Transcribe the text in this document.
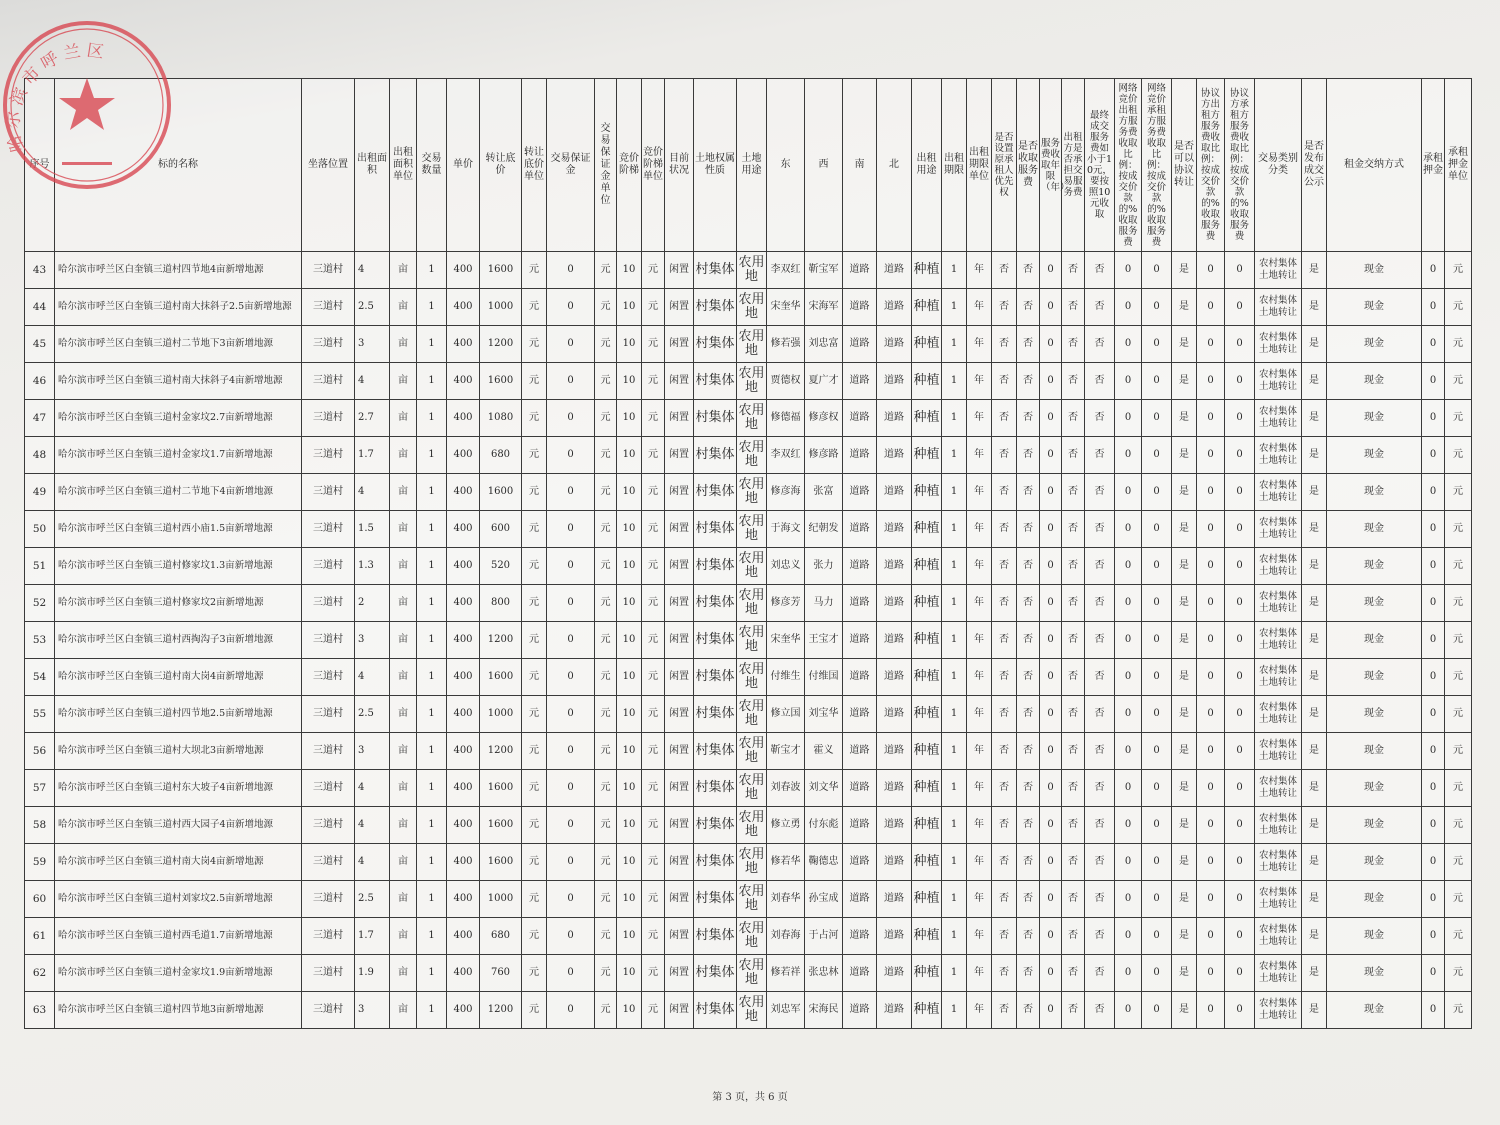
哈尔滨市呼兰区
序号	标的名称	坐落位置	出租面积	出租面积单位	交易数量	单价	转让底价	转让底价单位	交易保证金	交易保证金单位	竞价阶梯	竞价阶梯单位	目前状况	土地权属性质	土地用途	东	西	南	北	出租用途	出租期限	出租期限单位	是否设置原承租人优先权	是否收取服务费	服务费收取年限（年）	出租方是否承担交易服务费	最终成交服务费如小于10元，要按照10元收取	网络竞价出租方服务费收取比例：按成交价款的%收取服务费	网络竞价承租方服务费收取比例：按成交价款的%收取服务费	是否可以协议转让	协议方出租方服务费收取比例：按成交价款的%收取服务费	协议方承租方服务费收取比例：按成交价款的%收取服务费	交易类别分类	是否发布成交公示	租金交纳方式	承租押金	承租押金单位
43	哈尔滨市呼兰区白奎镇三道村四节地4亩新增地源	三道村	4	亩	1	400	1600	元	0	元	10	元	闲置	村集体	农用地	李双红	靳宝军	道路	道路	种植	1	年	否	否	0	否	否	0	0	是	0	0	农村集体土地转让	是	现金	0	元
44	哈尔滨市呼兰区白奎镇三道村南大抹斜子2.5亩新增地源	三道村	2.5	亩	1	400	1000	元	0	元	10	元	闲置	村集体	农用地	宋奎华	宋海军	道路	道路	种植	1	年	否	否	0	否	否	0	0	是	0	0	农村集体土地转让	是	现金	0	元
45	哈尔滨市呼兰区白奎镇三道村二节地下3亩新增地源	三道村	3	亩	1	400	1200	元	0	元	10	元	闲置	村集体	农用地	修若强	刘忠富	道路	道路	种植	1	年	否	否	0	否	否	0	0	是	0	0	农村集体土地转让	是	现金	0	元
46	哈尔滨市呼兰区白奎镇三道村南大抹斜子4亩新增地源	三道村	4	亩	1	400	1600	元	0	元	10	元	闲置	村集体	农用地	贾德权	夏广才	道路	道路	种植	1	年	否	否	0	否	否	0	0	是	0	0	农村集体土地转让	是	现金	0	元
47	哈尔滨市呼兰区白奎镇三道村金家坟2.7亩新增地源	三道村	2.7	亩	1	400	1080	元	0	元	10	元	闲置	村集体	农用地	修德福	修彦权	道路	道路	种植	1	年	否	否	0	否	否	0	0	是	0	0	农村集体土地转让	是	现金	0	元
48	哈尔滨市呼兰区白奎镇三道村金家坟1.7亩新增地源	三道村	1.7	亩	1	400	680	元	0	元	10	元	闲置	村集体	农用地	李双红	修彦路	道路	道路	种植	1	年	否	否	0	否	否	0	0	是	0	0	农村集体土地转让	是	现金	0	元
49	哈尔滨市呼兰区白奎镇三道村二节地下4亩新增地源	三道村	4	亩	1	400	1600	元	0	元	10	元	闲置	村集体	农用地	修彦海	张富	道路	道路	种植	1	年	否	否	0	否	否	0	0	是	0	0	农村集体土地转让	是	现金	0	元
50	哈尔滨市呼兰区白奎镇三道村西小庙1.5亩新增地源	三道村	1.5	亩	1	400	600	元	0	元	10	元	闲置	村集体	农用地	于海文	纪朝发	道路	道路	种植	1	年	否	否	0	否	否	0	0	是	0	0	农村集体土地转让	是	现金	0	元
51	哈尔滨市呼兰区白奎镇三道村修家坟1.3亩新增地源	三道村	1.3	亩	1	400	520	元	0	元	10	元	闲置	村集体	农用地	刘忠义	张力	道路	道路	种植	1	年	否	否	0	否	否	0	0	是	0	0	农村集体土地转让	是	现金	0	元
52	哈尔滨市呼兰区白奎镇三道村修家坟2亩新增地源	三道村	2	亩	1	400	800	元	0	元	10	元	闲置	村集体	农用地	修彦芳	马力	道路	道路	种植	1	年	否	否	0	否	否	0	0	是	0	0	农村集体土地转让	是	现金	0	元
53	哈尔滨市呼兰区白奎镇三道村西掏沟子3亩新增地源	三道村	3	亩	1	400	1200	元	0	元	10	元	闲置	村集体	农用地	宋奎华	王宝才	道路	道路	种植	1	年	否	否	0	否	否	0	0	是	0	0	农村集体土地转让	是	现金	0	元
54	哈尔滨市呼兰区白奎镇三道村南大岗4亩新增地源	三道村	4	亩	1	400	1600	元	0	元	10	元	闲置	村集体	农用地	付维生	付维国	道路	道路	种植	1	年	否	否	0	否	否	0	0	是	0	0	农村集体土地转让	是	现金	0	元
55	哈尔滨市呼兰区白奎镇三道村四节地2.5亩新增地源	三道村	2.5	亩	1	400	1000	元	0	元	10	元	闲置	村集体	农用地	修立国	刘宝华	道路	道路	种植	1	年	否	否	0	否	否	0	0	是	0	0	农村集体土地转让	是	现金	0	元
56	哈尔滨市呼兰区白奎镇三道村大坝北3亩新增地源	三道村	3	亩	1	400	1200	元	0	元	10	元	闲置	村集体	农用地	靳宝才	霍义	道路	道路	种植	1	年	否	否	0	否	否	0	0	是	0	0	农村集体土地转让	是	现金	0	元
57	哈尔滨市呼兰区白奎镇三道村东大坡子4亩新增地源	三道村	4	亩	1	400	1600	元	0	元	10	元	闲置	村集体	农用地	刘春波	刘文华	道路	道路	种植	1	年	否	否	0	否	否	0	0	是	0	0	农村集体土地转让	是	现金	0	元
58	哈尔滨市呼兰区白奎镇三道村西大园子4亩新增地源	三道村	4	亩	1	400	1600	元	0	元	10	元	闲置	村集体	农用地	修立勇	付东彪	道路	道路	种植	1	年	否	否	0	否	否	0	0	是	0	0	农村集体土地转让	是	现金	0	元
59	哈尔滨市呼兰区白奎镇三道村南大岗4亩新增地源	三道村	4	亩	1	400	1600	元	0	元	10	元	闲置	村集体	农用地	修若华	鞠德忠	道路	道路	种植	1	年	否	否	0	否	否	0	0	是	0	0	农村集体土地转让	是	现金	0	元
60	哈尔滨市呼兰区白奎镇三道村刘家坟2.5亩新增地源	三道村	2.5	亩	1	400	1000	元	0	元	10	元	闲置	村集体	农用地	刘春华	孙宝成	道路	道路	种植	1	年	否	否	0	否	否	0	0	是	0	0	农村集体土地转让	是	现金	0	元
61	哈尔滨市呼兰区白奎镇三道村西毛道1.7亩新增地源	三道村	1.7	亩	1	400	680	元	0	元	10	元	闲置	村集体	农用地	刘春海	于占河	道路	道路	种植	1	年	否	否	0	否	否	0	0	是	0	0	农村集体土地转让	是	现金	0	元
62	哈尔滨市呼兰区白奎镇三道村金家坟1.9亩新增地源	三道村	1.9	亩	1	400	760	元	0	元	10	元	闲置	村集体	农用地	修若祥	张忠林	道路	道路	种植	1	年	否	否	0	否	否	0	0	是	0	0	农村集体土地转让	是	现金	0	元
63	哈尔滨市呼兰区白奎镇三道村四节地3亩新增地源	三道村	3	亩	1	400	1200	元	0	元	10	元	闲置	村集体	农用地	刘忠军	宋海民	道路	道路	种植	1	年	否	否	0	否	否	0	0	是	0	0	农村集体土地转让	是	现金	0	元
第 3 页，共 6 页
